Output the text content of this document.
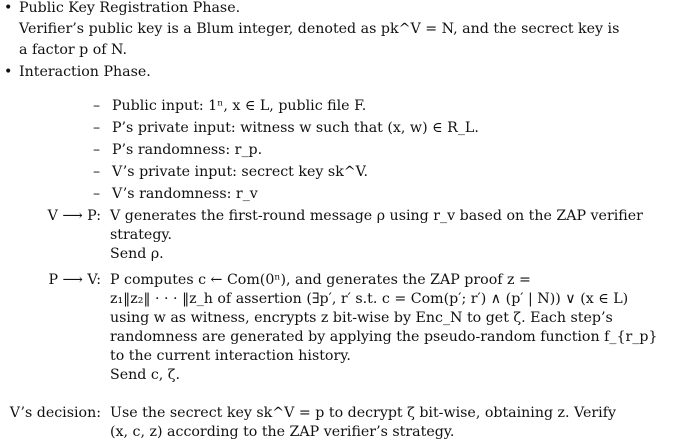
• Public Key Registration Phase.
Verifier’s public key is a Blum integer, denoted as pk^V = N, and the secrect key is
a factor p of N.
• Interaction Phase.
– Public input: 1ⁿ, x ∈ L, public file F.
– P’s private input: witness w such that (x, w) ∈ R_L.
– P’s randomness: r_p.
– V’s private input: secrect key sk^V.
– V’s randomness: r_v
V ⟶ P: V generates the first-round message ρ using r_v based on the ZAP verifier
strategy.
Send ρ.
P ⟶ V: P computes c ← Com(0ⁿ), and generates the ZAP proof z =
z₁‖z₂‖ · · · ‖z_h of assertion (∃p′, r′ s.t. c = Com(p′; r′) ∧ (p′ | N)) ∨ (x ∈ L)
using w as witness, encrypts z bit-wise by Enc_N to get ζ. Each step’s
randomness are generated by applying the pseudo-random function f_{r_p}
to the current interaction history.
Send c, ζ.
V’s decision: Use the secrect key sk^V = p to decrypt ζ bit-wise, obtaining z. Verify
(x, c, z) according to the ZAP verifier’s strategy.
